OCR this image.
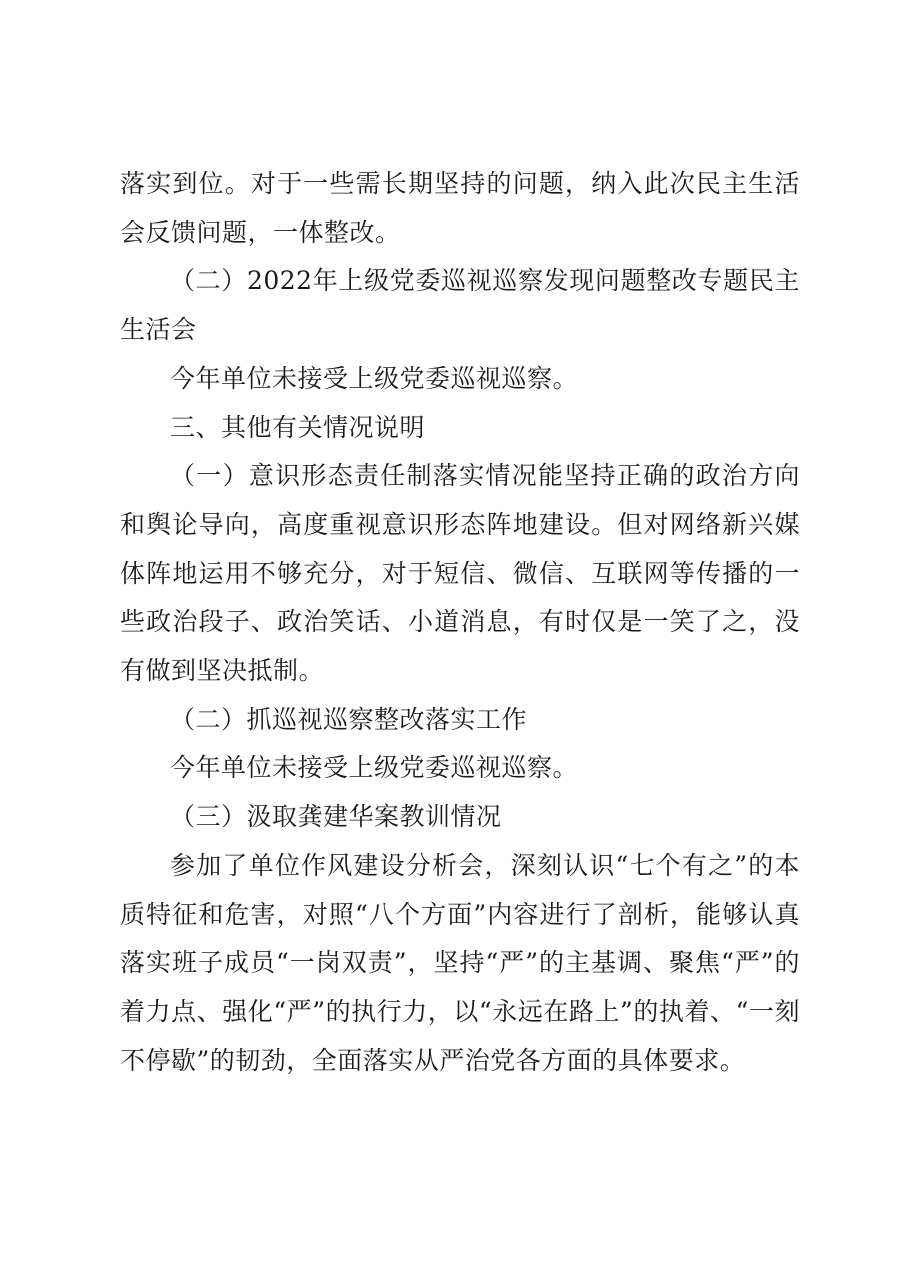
落实到位。对于一些需长期坚持的问题，纳入此次民主生活会反馈问题，一体整改。

（二）2022年上级党委巡视巡察发现问题整改专题民主生活会

今年单位未接受上级党委巡视巡察。

三、其他有关情况说明

（一）意识形态责任制落实情况能坚持正确的政治方向和舆论导向，高度重视意识形态阵地建设。但对网络新兴媒体阵地运用不够充分，对于短信、微信、互联网等传播的一些政治段子、政治笑话、小道消息，有时仅是一笑了之，没有做到坚决抵制。

（二）抓巡视巡察整改落实工作

今年单位未接受上级党委巡视巡察。

（三）汲取龚建华案教训情况

参加了单位作风建设分析会，深刻认识“七个有之”的本质特征和危害，对照“八个方面”内容进行了剖析，能够认真落实班子成员“一岗双责”，坚持“严”的主基调、聚焦“严”的着力点、强化“严”的执行力，以“永远在路上”的执着、“一刻不停歇”的韧劲，全面落实从严治党各方面的具体要求。
